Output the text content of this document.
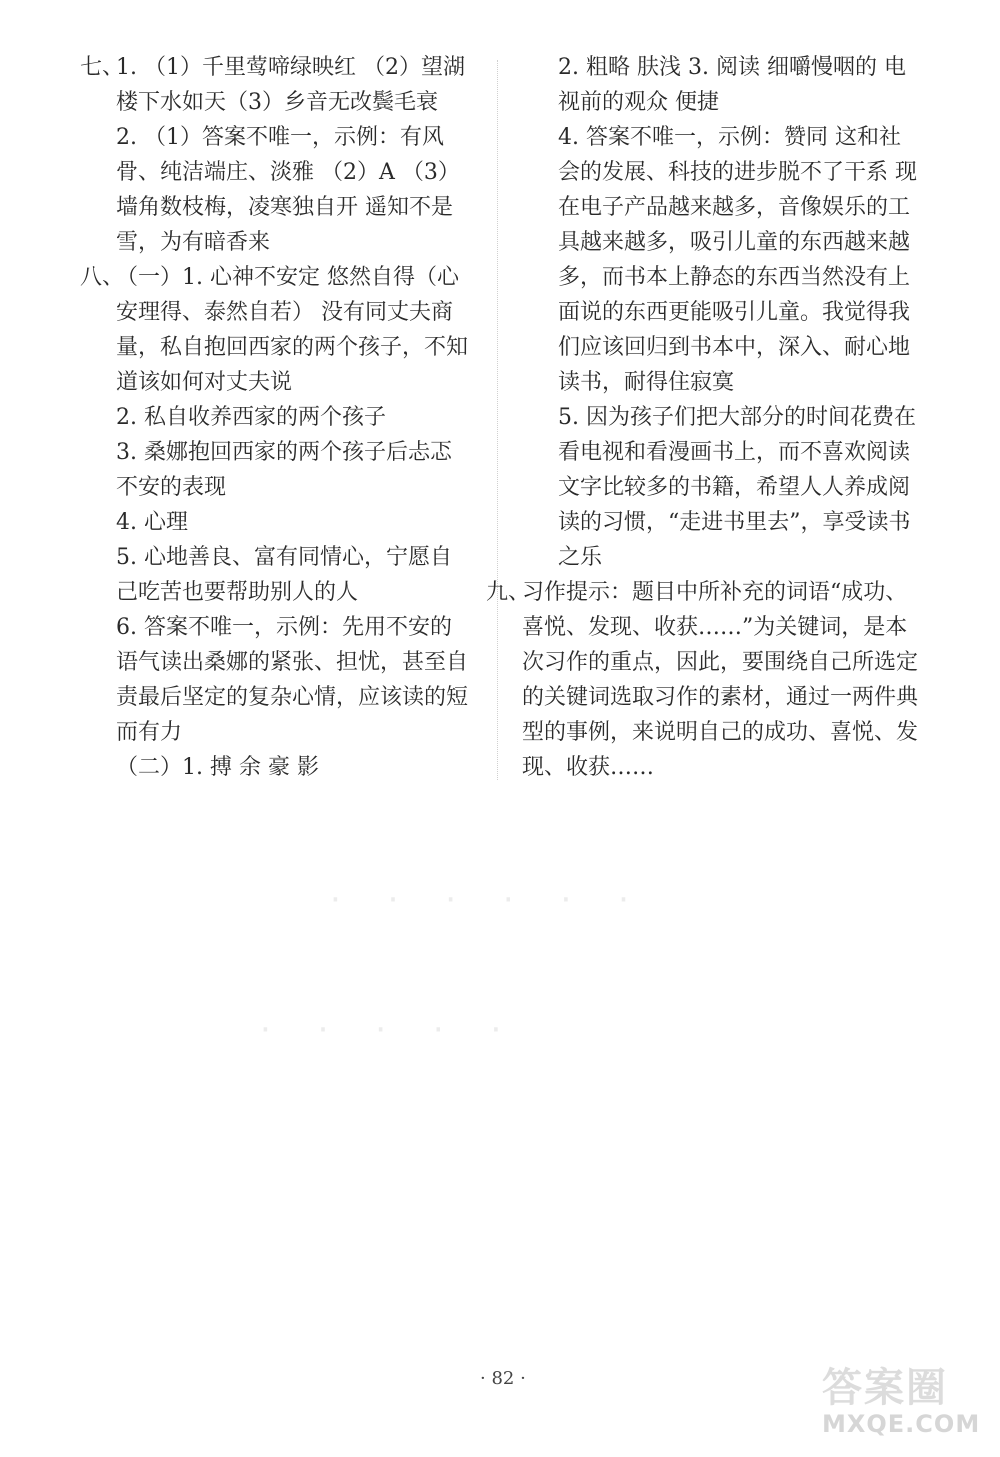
七、

1. （1）千里莺啼绿映红 （2）望湖楼下水如天（3）乡音无改鬓毛衰

2. （1）答案不唯一，示例：有风骨、纯洁端庄、淡雅 （2）A （3）墙角数枝梅，凌寒独自开 遥知不是雪，为有暗香来

八、

（一）1. 心神不安定 悠然自得（心安理得、泰然自若） 没有同丈夫商量，私自抱回西家的两个孩子，不知道该如何对丈夫说

2. 私自收养西家的两个孩子

3. 桑娜抱回西家的两个孩子后忐忑不安的表现

4. 心理

5. 心地善良、富有同情心，宁愿自己吃苦也要帮助别人的人

6. 答案不唯一，示例：先用不安的语气读出桑娜的紧张、担忧，甚至自责最后坚定的复杂心情，应该读的短而有力

（二）1. 搏 余 豪 影

2. 粗略 肤浅 3. 阅读 细嚼慢咽的 电视前的观众 便捷

4. 答案不唯一，示例：赞同 这和社会的发展、科技的进步脱不了干系 现在电子产品越来越多，音像娱乐的工具越来越多，吸引儿童的东西越来越多，而书本上静态的东西当然没有上面说的东西更能吸引儿童。我觉得我们应该回归到书本中，深入、耐心地读书，耐得住寂寞

5. 因为孩子们把大部分的时间花费在看电视和看漫画书上，而不喜欢阅读文字比较多的书籍，希望人人养成阅读的习惯，“走进书里去”，享受读书之乐

九、

习作提示：题目中所补充的词语“成功、喜悦、发现、收获……”为关键词，是本次习作的重点，因此，要围绕自己所选定的关键词选取习作的素材，通过一两件典型的事例，来说明自己的成功、喜悦、发现、收获……

· · · · · ·
· · · · ·
· 82 ·	答案圈
MXQE.COM
